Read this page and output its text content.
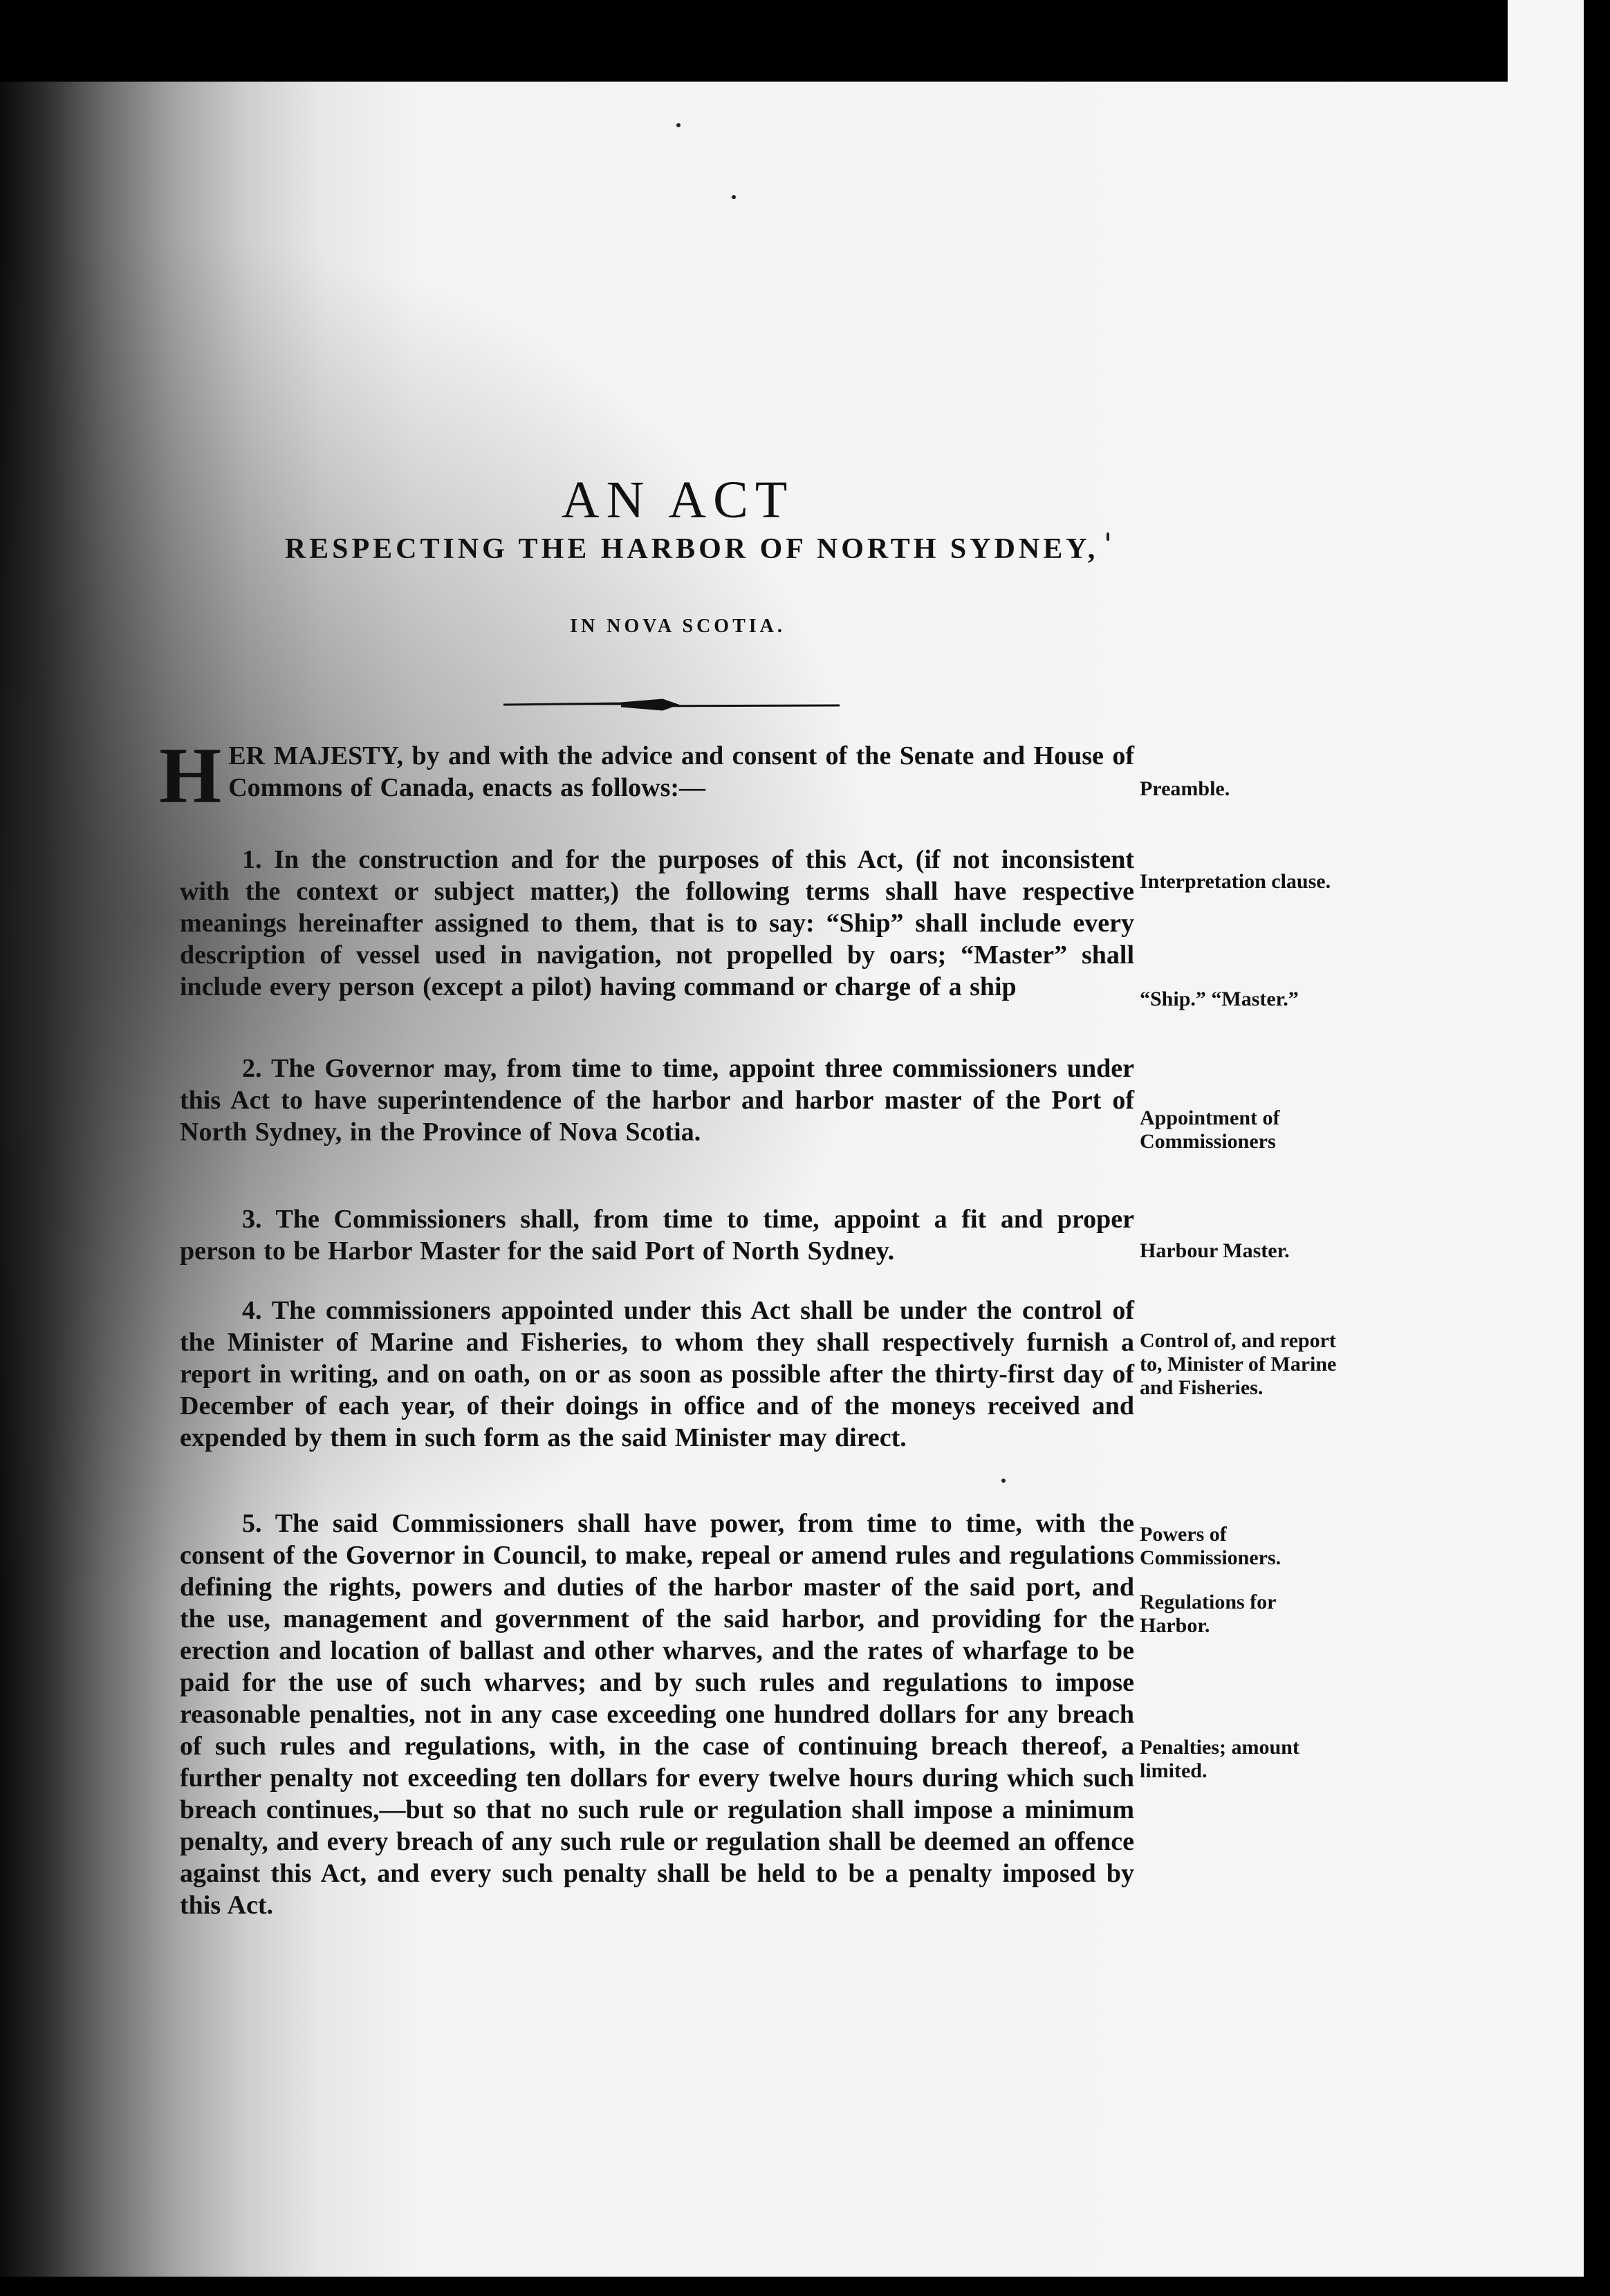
AN ACT
RESPECTING THE HARBOR OF NORTH SYDNEY,
IN NOVA SCOTIA.

HER MAJESTY, by and with the advice and consent of the Senate and House of Commons of Canada, enacts as follows:—

1. In the construction and for the purposes of this Act, (if not inconsistent with the context or subject matter,) the following terms shall have respective meanings hereinafter assigned to them, that is to say: “Ship” shall include every description of vessel used in navigation, not propelled by oars; “Master” shall include every person (except a pilot) having command or charge of a ship

2. The Governor may, from time to time, appoint three commissioners under this Act to have superintendence of the harbor and harbor master of the Port of North Sydney, in the Province of Nova Scotia.

3. The Commissioners shall, from time to time, appoint a fit and proper person to be Harbor Master for the said Port of North Sydney.

4. The commissioners appointed under this Act shall be under the control of the Minister of Marine and Fisheries, to whom they shall respectively furnish a report in writing, and on oath, on or as soon as possible after the thirty-first day of December of each year, of their doings in office and of the moneys received and expended by them in such form as the said Minister may direct.

5. The said Commissioners shall have power, from time to time, with the consent of the Governor in Council, to make, repeal or amend rules and regulations defining the rights, powers and duties of the harbor master of the said port, and the use, management and government of the said harbor, and providing for the erection and location of ballast and other wharves, and the rates of wharfage to be paid for the use of such wharves; and by such rules and regulations to impose reasonable penalties, not in any case exceeding one hundred dollars for any breach of such rules and regulations, with, in the case of continuing breach thereof, a further penalty not exceeding ten dollars for every twelve hours during which such breach continues,—but so that no such rule or regulation shall impose a minimum penalty, and every breach of any such rule or regulation shall be deemed an offence against this Act, and every such penalty shall be held to be a penalty imposed by this Act.

Preamble.
Interpretation clause.
“Ship.” “Master.”
Appointment of Commissioners
Harbour Master.
Control of, and report to, Minister of Marine and Fisheries.
Powers of Commissioners.
Regulations for Harbor.
Penalties; amount limited.
